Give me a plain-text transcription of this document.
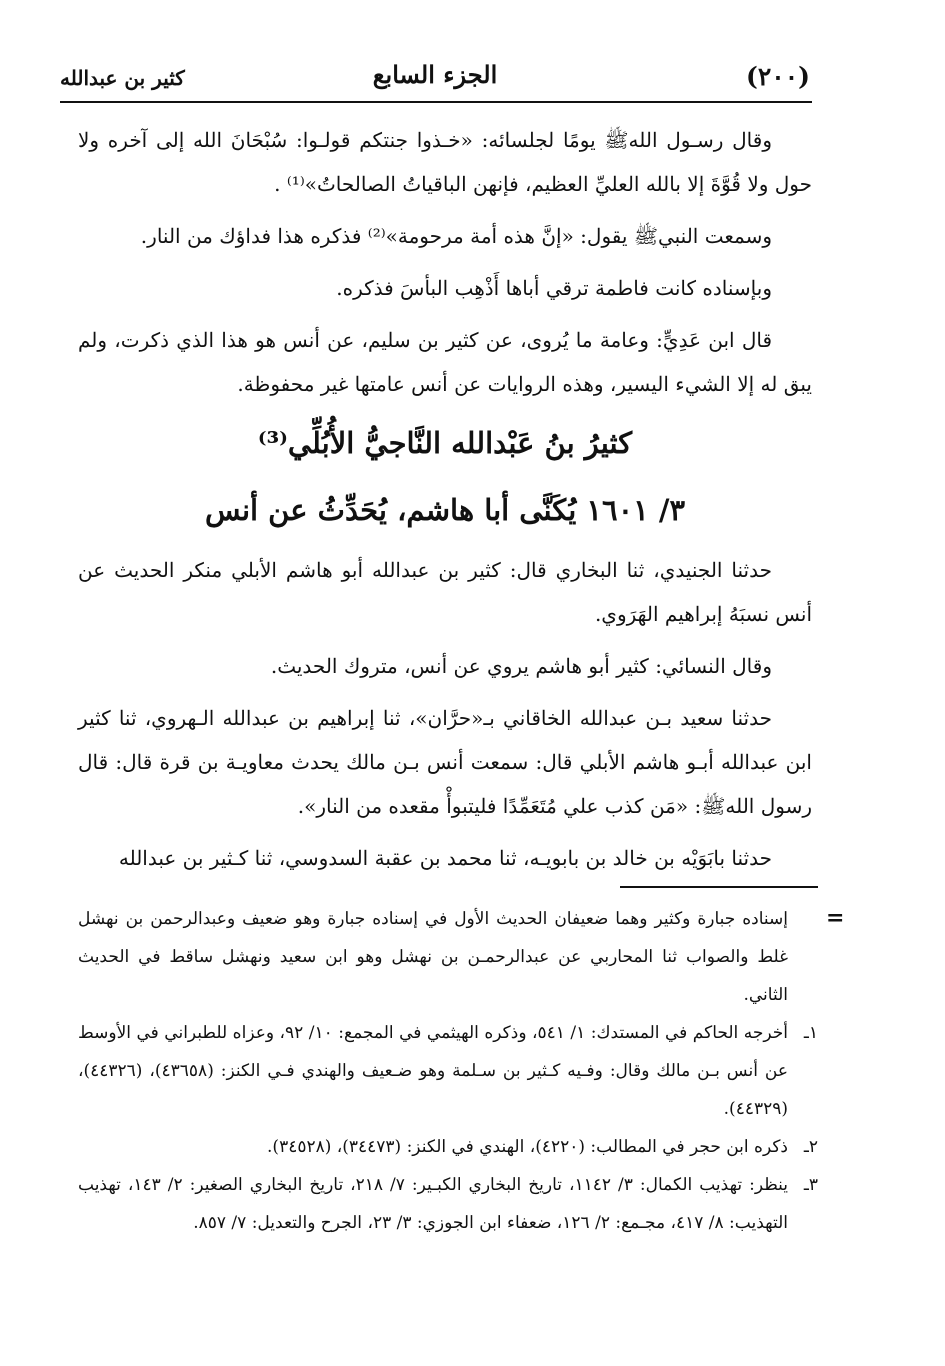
(٢٠٠)
الجزء السابع
كثير بن عبدالله

وقال رسـول اللهﷺ يومًا لجلسائه: «خـذوا جنتكم قولـوا: سُبْحَانَ الله إلى آخره ولا حول ولا قُوَّةَ إلا بالله العليِّ العظيم، فإنهن الباقياتُ الصالحاتُ»⁽¹⁾ .

وسمعت النبيﷺ يقول: «إنَّ هذه أمة مرحومة»⁽²⁾ فذكره هذا فداؤك من النار.

وبإسناده كانت فاطمة ترقي أباها أَذْهِب البأسَ فذكره.

قال ابن عَدِيٍّ: وعامة ما يُروى، عن كثير بن سليم، عن أنس هو هذا الذي ذكرت، ولم يبق له إلا الشيء اليسير، وهذه الروايات عن أنس عامتها غير محفوظة.

كثيرُ بنُ عَبْدالله النَّاجيُّ الأُبُلِّي⁽³⁾

٣/ ١٦٠١ يُكَنَّى أبا هاشم، يُحَدِّثُ عن أنس

حدثنا الجنيدي، ثنا البخاري قال: كثير بن عبدالله أبو هاشم الأبلي منكر الحديث عن أنس نسبَهُ إبراهيم الهَرَوي.

وقال النسائي: كثير أبو هاشم يروي عن أنس، متروك الحديث.

حدثنا سعيد بـن عبدالله الخاقاني بـ«حرَّان»، ثنا إبراهيم بن عبدالله الـهروي، ثنا كثير ابن عبدالله أبـو هاشم الأبلي قال: سمعت أنس بـن مالك يحدث معاويـة بن قرة قال: قال رسول اللهﷺ: «مَن كذب علي مُتَعَمِّدًا فليتبوأْ مقعده من النار».

حدثنا بابَوَيْه بن خالد بن بابويـه، ثنا محمد بن عقبة السدوسي، ثنا كـثير بن عبدالله

=
إسناده جبارة وكثير وهما ضعيفان الحديث الأول في إسناده جبارة وهو ضعيف وعبدالرحمن بن نهشل غلط والصواب ثنا المحاربي عن عبدالرحمـن بن نهشل وهو ابن سعيد ونهشل ساقط في الحديث الثاني.
١ـ
أخرجه الحاكم في المستدك: ١/ ٥٤١، وذكره الهيثمي في المجمع: ١٠/ ٩٢، وعزاه للطبراني في الأوسط عن أنس بـن مالك وقال: وفـيه كـثير بن سـلمة وهو ضـعيف والهندي فـي الكنز: (٤٣٦٥٨)، (٤٤٣٢٦)، (٤٤٣٢٩).
٢ـ
ذكره ابن حجر في المطالب: (٤٢٢٠)، الهندي في الكنز: (٣٤٤٧٣)، (٣٤٥٢٨).
٣ـ
ينظر: تهذيب الكمال: ٣/ ١١٤٢، تاريخ البخاري الكبـير: ٧/ ٢١٨، تاريخ البخاري الصغير: ٢/ ١٤٣، تهذيب التهذيب: ٨/ ٤١٧، مجـمع: ٢/ ١٢٦، ضعفاء ابن الجوزي: ٣/ ٢٣، الجرح والتعديل: ٧/ ٨٥٧.
